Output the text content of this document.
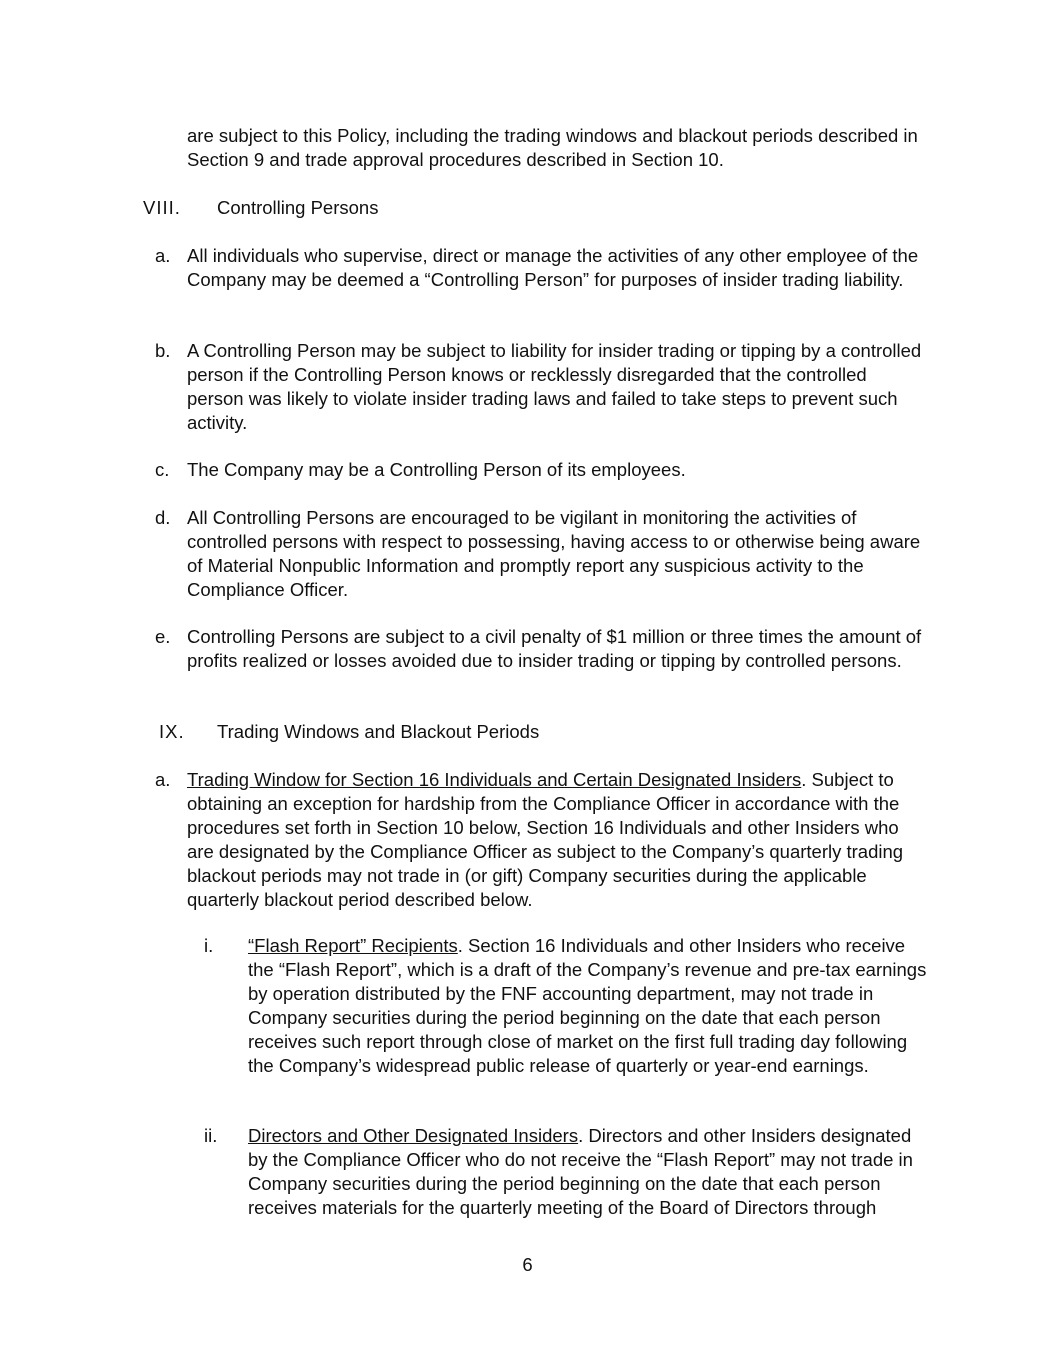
are subject to this Policy, including the trading windows and blackout periods described in Section 9 and trade approval procedures described in Section 10.

VIII.	Controlling Persons
a. All individuals who supervise, direct or manage the activities of any other employee of the Company may be deemed a “Controlling Person” for purposes of insider trading liability.
b. A Controlling Person may be subject to liability for insider trading or tipping by a controlled person if the Controlling Person knows or recklessly disregarded that the controlled person was likely to violate insider trading laws and failed to take steps to prevent such activity.
c. The Company may be a Controlling Person of its employees.
d. All Controlling Persons are encouraged to be vigilant in monitoring the activities of controlled persons with respect to possessing, having access to or otherwise being aware of Material Nonpublic Information and promptly report any suspicious activity to the Compliance Officer.
e. Controlling Persons are subject to a civil penalty of $1 million or three times the amount of profits realized or losses avoided due to insider trading or tipping by controlled persons.
IX.	Trading Windows and Blackout Periods
a. Trading Window for Section 16 Individuals and Certain Designated Insiders. Subject to obtaining an exception for hardship from the Compliance Officer in accordance with the procedures set forth in Section 10 below, Section 16 Individuals and other Insiders who are designated by the Compliance Officer as subject to the Company’s quarterly trading blackout periods may not trade in (or gift) Company securities during the applicable quarterly blackout period described below.
i.	“Flash Report” Recipients. Section 16 Individuals and other Insiders who receive the “Flash Report”, which is a draft of the Company’s revenue and pre-tax earnings by operation distributed by the FNF accounting department, may not trade in Company securities during the period beginning on the date that each person receives such report through close of market on the first full trading day following the Company’s widespread public release of quarterly or year-end earnings.
ii.	Directors and Other Designated Insiders. Directors and other Insiders designated by the Compliance Officer who do not receive the “Flash Report” may not trade in Company securities during the period beginning on the date that each person receives materials for the quarterly meeting of the Board of Directors through
6
